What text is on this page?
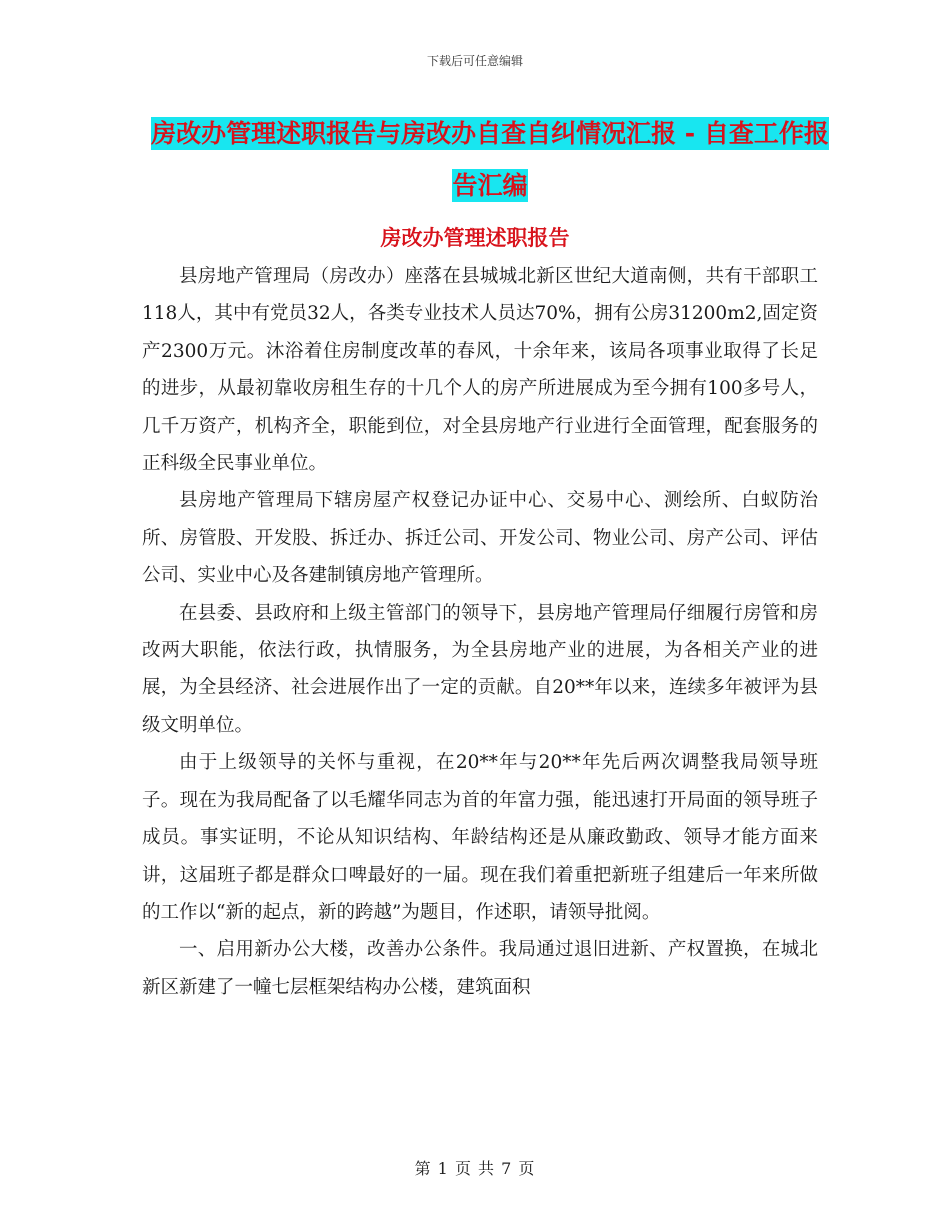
下载后可任意编辑
房改办管理述职报告与房改办自查自纠情况汇报 - 自查工作报告汇编
房改办管理述职报告

县房地产管理局（房改办）座落在县城城北新区世纪大道南侧，共有干部职工118人，其中有党员32人，各类专业技术人员达70%，拥有公房31200m2,固定资产2300万元。沐浴着住房制度改革的春风，十余年来，该局各项事业取得了长足的进步，从最初靠收房租生存的十几个人的房产所进展成为至今拥有100多号人，几千万资产，机构齐全，职能到位，对全县房地产行业进行全面管理，配套服务的正科级全民事业单位。

县房地产管理局下辖房屋产权登记办证中心、交易中心、测绘所、白蚁防治所、房管股、开发股、拆迁办、拆迁公司、开发公司、物业公司、房产公司、评估公司、实业中心及各建制镇房地产管理所。

在县委、县政府和上级主管部门的领导下，县房地产管理局仔细履行房管和房改两大职能，依法行政，执情服务，为全县房地产业的进展，为各相关产业的进展，为全县经济、社会进展作出了一定的贡献。自20**年以来，连续多年被评为县级文明单位。

由于上级领导的关怀与重视，在20**年与20**年先后两次调整我局领导班子。现在为我局配备了以毛耀华同志为首的年富力强，能迅速打开局面的领导班子成员。事实证明，不论从知识结构、年龄结构还是从廉政勤政、领导才能方面来讲，这届班子都是群众口啤最好的一届。现在我们着重把新班子组建后一年来所做的工作以“新的起点，新的跨越”为题目，作述职，请领导批阅。

一、启用新办公大楼，改善办公条件。我局通过退旧进新、产权置换，在城北新区新建了一幢七层框架结构办公楼，建筑面积

第 1 页 共 7 页
